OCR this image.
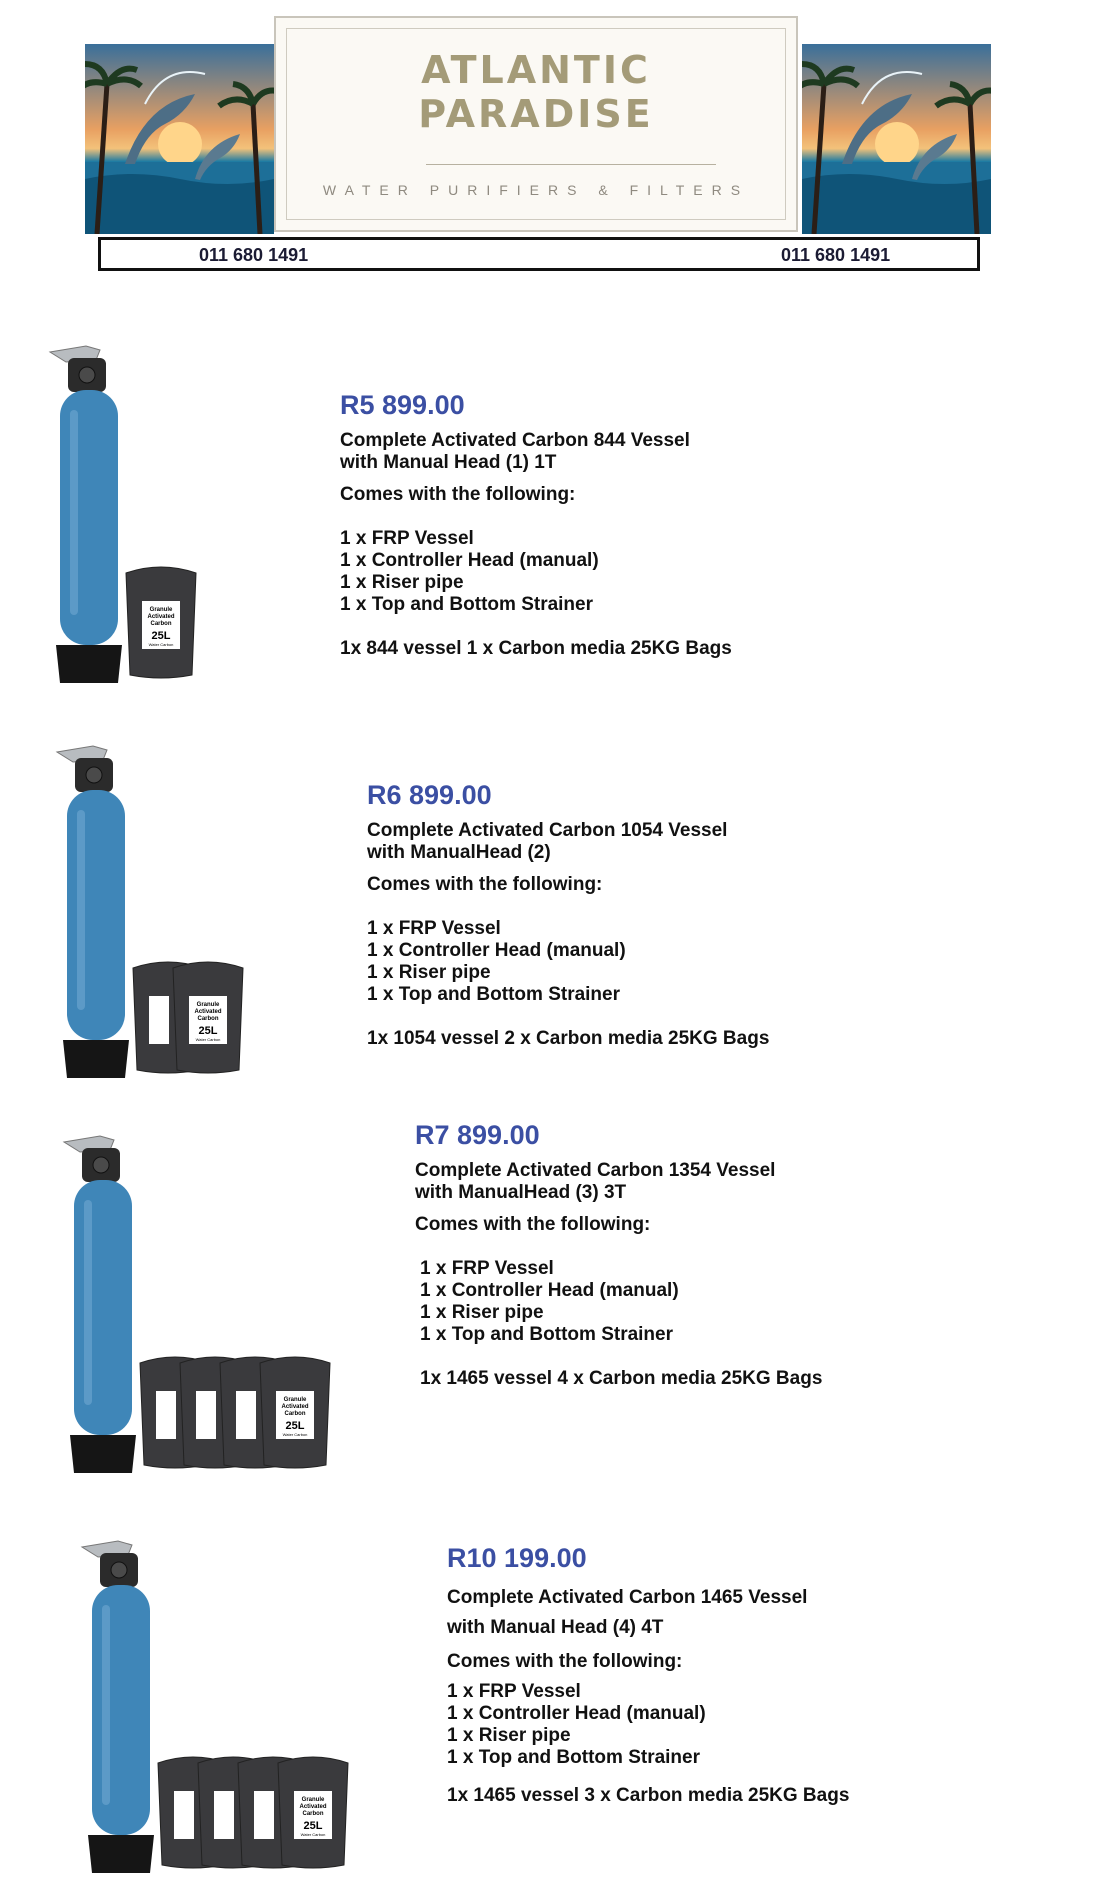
ATLANTIC
PARADISE
WATER PURIFIERS & FILTERS
011 680 1491	011 680 1491
Granule
Activated
Carbon
25L
Water Carbon
R5 899.00
Complete Activated Carbon 844 Vessel
with Manual Head (1) 1T
Comes with the following:
1 x FRP Vessel
1 x Controller Head (manual)
1 x Riser pipe
1 x Top and Bottom Strainer
1x 844 vessel 1 x Carbon media 25KG Bags
Granule
Activated
Carbon
25L
Water Carbon
R6 899.00
Complete Activated Carbon 1054 Vessel
with ManualHead (2)
Comes with the following:
1 x FRP Vessel
1 x Controller Head (manual)
1 x Riser pipe
1 x Top and Bottom Strainer
1x 1054 vessel 2 x Carbon media 25KG Bags
Granule
Activated
Carbon
25L
Water Carbon
R7 899.00
Complete Activated Carbon 1354 Vessel
with ManualHead (3) 3T
Comes with the following:
1 x FRP Vessel
1 x Controller Head (manual)
1 x Riser pipe
1 x Top and Bottom Strainer
1x 1465 vessel 4 x Carbon media 25KG Bags
Granule
Activated
Carbon
25L
Water Carbon
R10 199.00
Complete Activated Carbon 1465 Vessel
with Manual Head (4) 4T
Comes with the following:
1 x FRP Vessel
1 x Controller Head (manual)
1 x Riser pipe
1 x Top and Bottom Strainer
1x 1465 vessel 3 x Carbon media 25KG Bags
